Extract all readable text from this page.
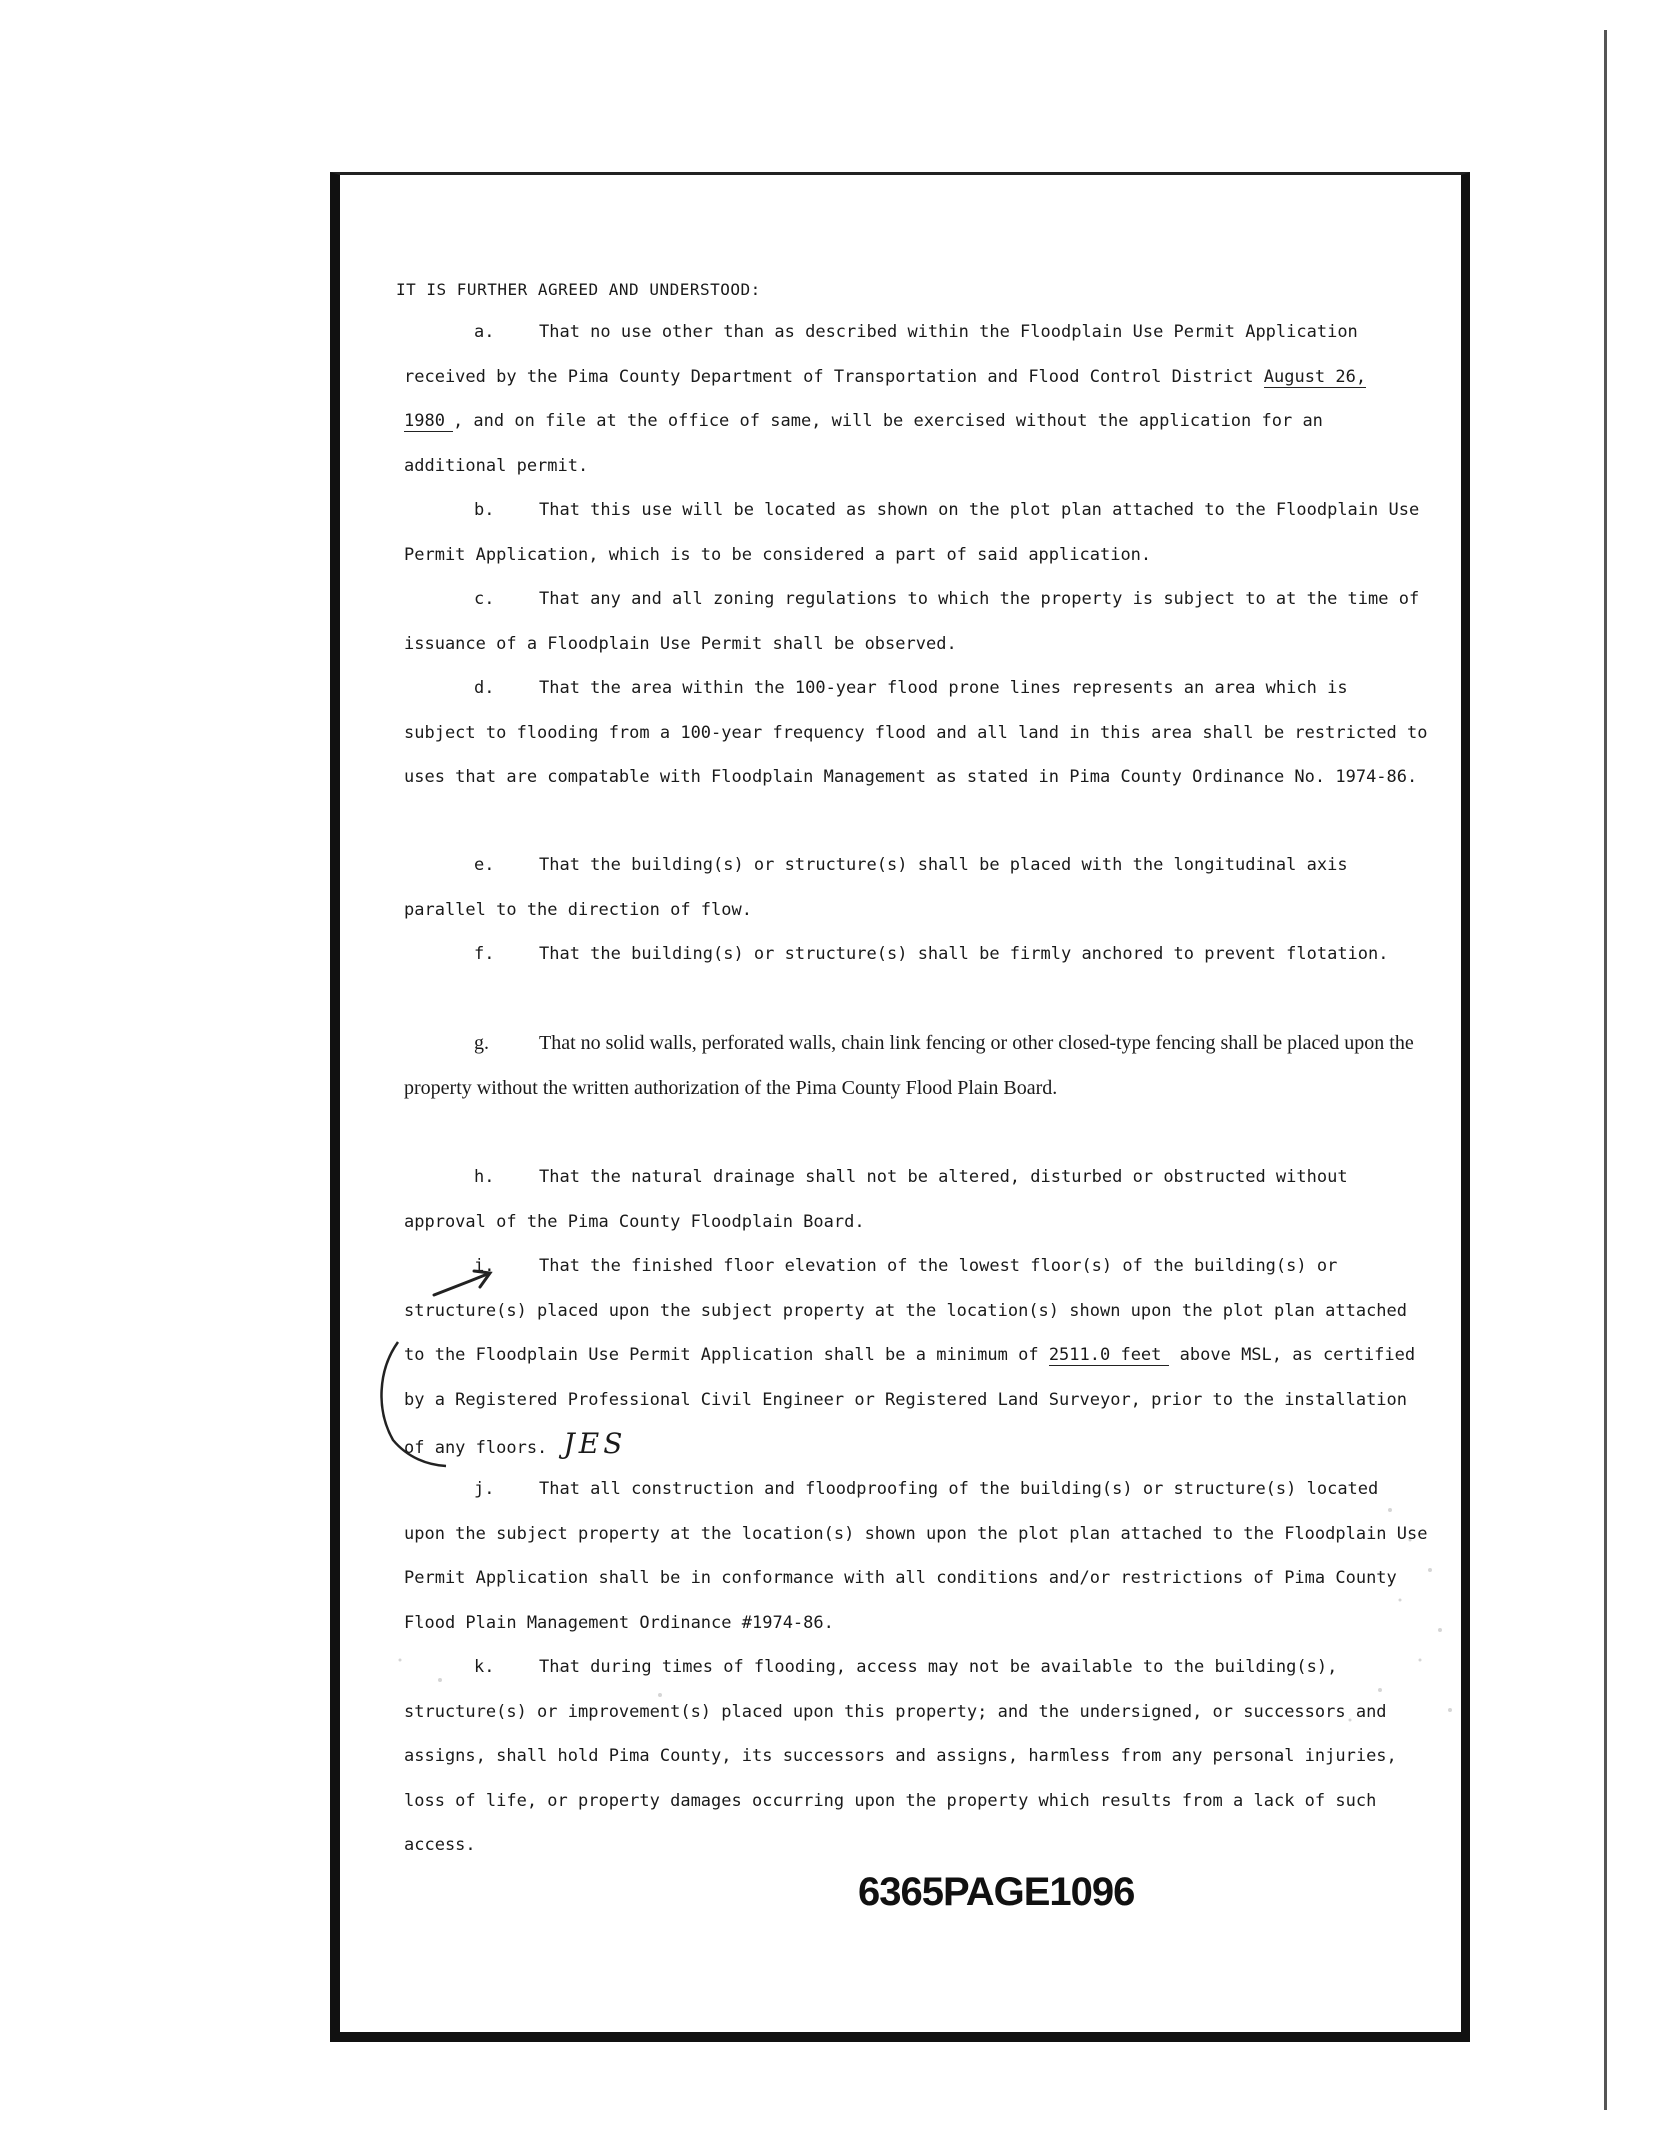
IT IS FURTHER AGREED AND UNDERSTOOD:

a.	That no use other than as described within the Floodplain Use Permit Application received by the Pima County Department of Transportation and Flood Control District August 26, 1980 , and on file at the office of same, will be exercised without the application for an additional permit.

b.	That this use will be located as shown on the plot plan attached to the Floodplain Use Permit Application, which is to be considered a part of said application.

c.	That any and all zoning regulations to which the property is subject to at the time of issuance of a Floodplain Use Permit shall be observed.

d.	That the area within the 100-year flood prone lines represents an area which is subject to flooding from a 100-year frequency flood and all land in this area shall be restricted to uses that are compatable with Floodplain Management as stated in Pima County Ordinance No. 1974-86.

e.	That the building(s) or structure(s) shall be placed with the longitudinal axis parallel to the direction of flow.

f.	That the building(s) or structure(s) shall be firmly anchored to prevent flotation.

g.	That no solid walls, perforated walls, chain link fencing or other closed-type fencing shall be placed upon the property without the written authorization of the Pima County Flood Plain Board.

h.	That the natural drainage shall not be altered, disturbed or obstructed without approval of the Pima County Floodplain Board.

i.	That the finished floor elevation of the lowest floor(s) of the building(s) or structure(s) placed upon the subject property at the location(s) shown upon the plot plan attached to the Floodplain Use Permit Application shall be a minimum of 2511.0 feet above MSL, as certified by a Registered Professional Civil Engineer or Registered Land Surveyor, prior to the installation of any floors. JES

j.	That all construction and floodproofing of the building(s) or structure(s) located upon the subject property at the location(s) shown upon the plot plan attached to the Floodplain Use Permit Application shall be in conformance with all conditions and/or restrictions of Pima County Flood Plain Management Ordinance #1974-86.

k.	That during times of flooding, access may not be available to the building(s), structure(s) or improvement(s) placed upon this property; and the undersigned, or successors and assigns, shall hold Pima County, its successors and assigns, harmless from any personal injuries, loss of life, or property damages occurring upon the property which results from a lack of such access.

6365PAGE1096
